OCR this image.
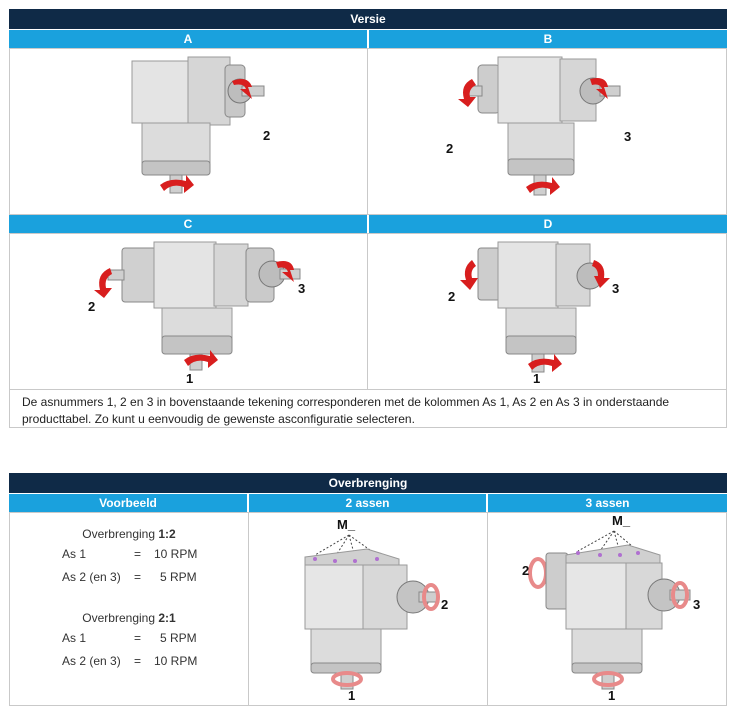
Versie
A	B
2
2
3
C	D
2
3
1
2
3
1
De asnummers 1, 2 en 3 in bovenstaande tekening corresponderen met de kolommen As 1, As 2 en As 3 in onderstaande producttabel. Zo kunt u eenvoudig de gewenste asconfiguratie selecteren.
Overbrenging
Voorbeeld	2 assen	3 assen
Overbrenging 1:2
As 1	= 10 RPM
As 2 (en 3) = 5 RPM
Overbrenging 2:1
As 1	= 5 RPM
As 2 (en 3) = 10 RPM
M_
2
1
M_
2
3
1
